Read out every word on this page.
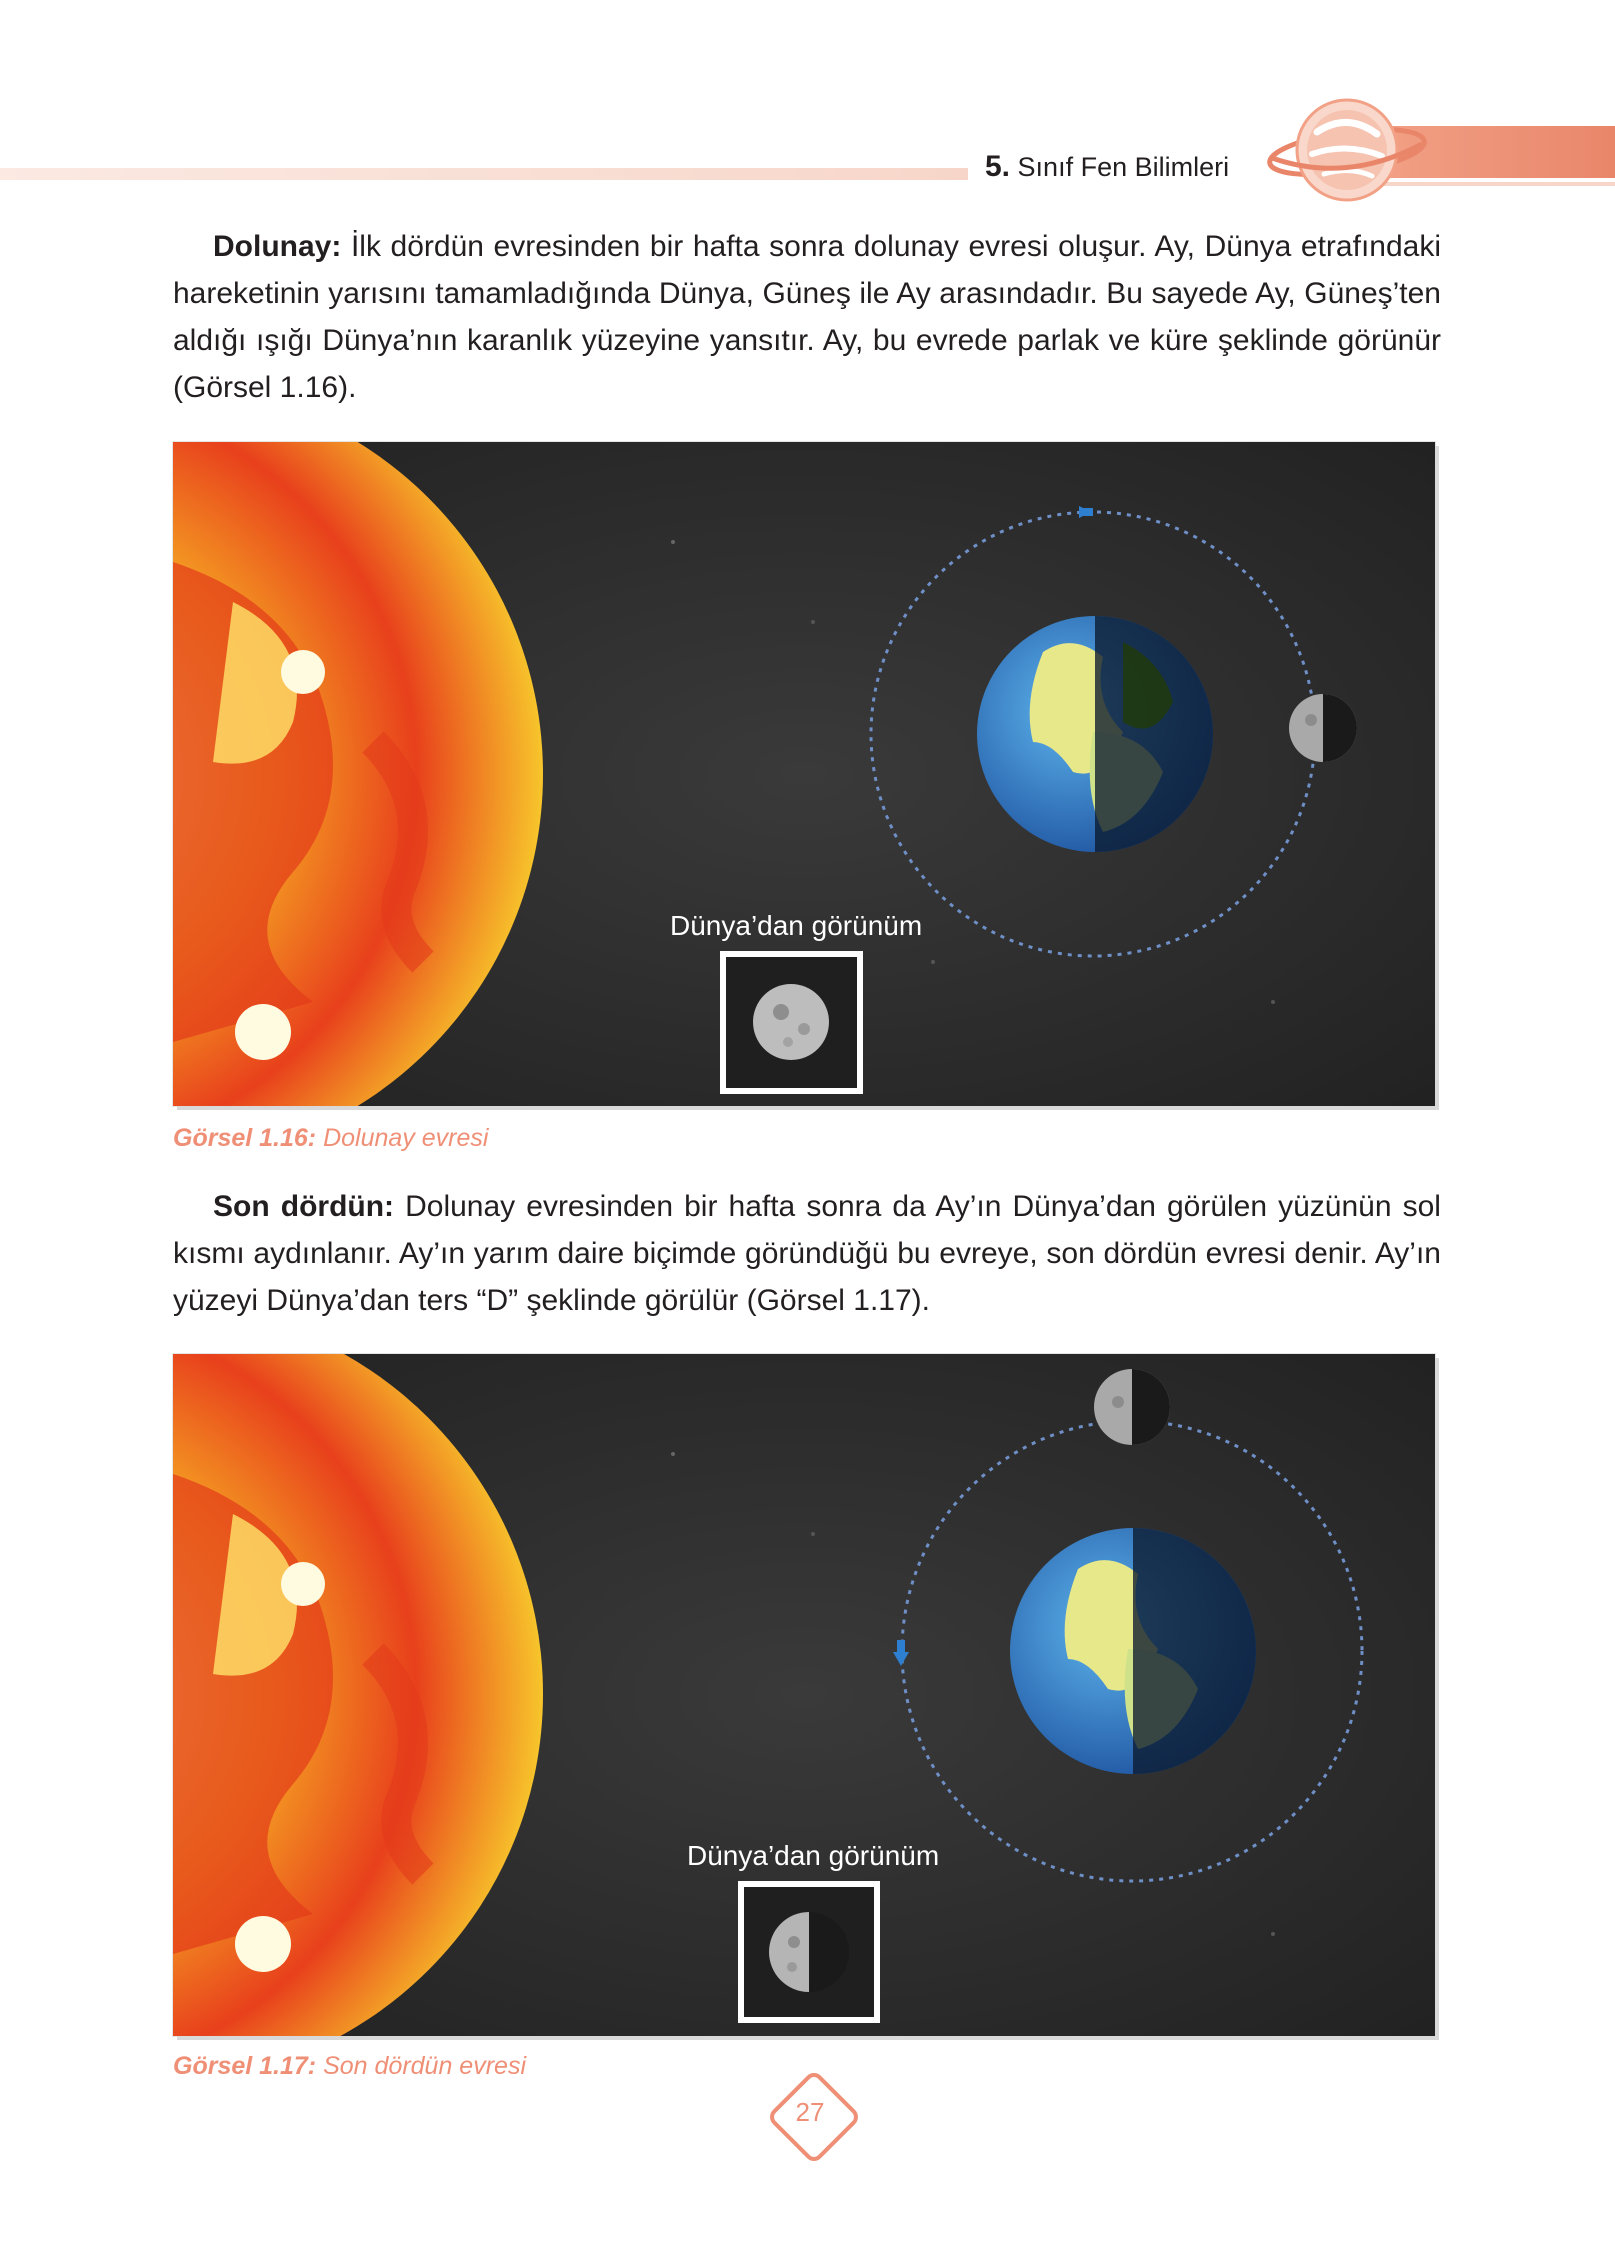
5. Sınıf Fen Bilimleri

Dolunay: İlk dördün evresinden bir hafta sonra dolunay evresi oluşur. Ay, Dünya etrafındaki hareketinin yarısını tamamladığında Dünya, Güneş ile Ay arasındadır. Bu sayede Ay, Güneş’ten aldığı ışığı Dünya’nın karanlık yüzeyine yansıtır. Ay, bu evrede parlak ve küre şeklinde görünür (Görsel 1.16).

Dünya’dan görünüm
Görsel 1.16: Dolunay evresi

Son dördün: Dolunay evresinden bir hafta sonra da Ay’ın Dünya’dan görülen yüzünün sol kısmı aydınlanır. Ay’ın yarım daire biçimde göründüğü bu evreye, son dördün evresi denir. Ay’ın yüzeyi Dünya’dan ters “D” şeklinde görülür (Görsel 1.17).

Dünya’dan görünüm
Görsel 1.17: Son dördün evresi
27
